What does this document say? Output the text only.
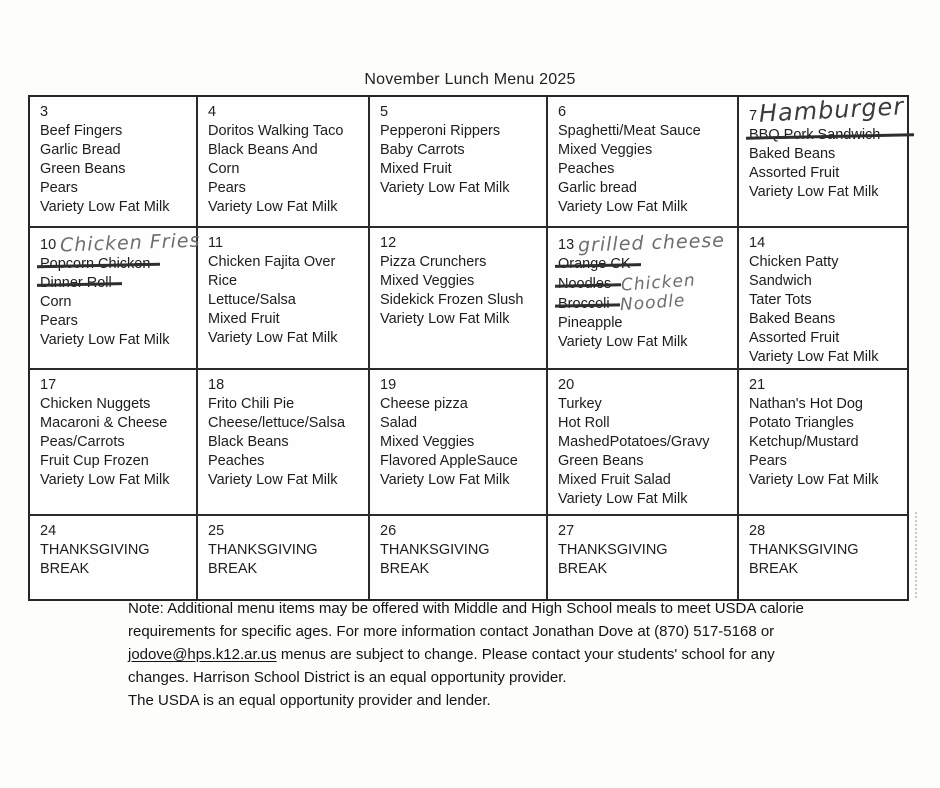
November Lunch Menu 2025
3
Beef Fingers
Garlic Bread
Green Beans
Pears
Variety Low Fat Milk
4
Doritos Walking Taco
Black Beans And
Corn
Pears
Variety Low Fat Milk
5
Pepperoni Rippers
Baby Carrots
Mixed Fruit
Variety Low Fat Milk
6
Spaghetti/Meat Sauce
Mixed Veggies
Peaches
Garlic bread
Variety Low Fat Milk
7Hamburger
BBQ Pork Sandwich
Baked Beans
Assorted Fruit
Variety Low Fat Milk
10 Chicken Fries
Popcorn Chicken
Dinner Roll
Corn
Pears
Variety Low Fat Milk
11
Chicken Fajita Over
Rice
Lettuce/Salsa
Mixed Fruit
Variety Low Fat Milk
12
Pizza Crunchers
Mixed Veggies
Sidekick Frozen Slush
Variety Low Fat Milk
13 grilled cheese
Orange CK
Noodles Chicken
Broccoli Noodle
Pineapple
Variety Low Fat Milk
14
Chicken Patty
Sandwich
Tater Tots
Baked Beans
Assorted Fruit
Variety Low Fat Milk
17
Chicken Nuggets
Macaroni & Cheese
Peas/Carrots
Fruit Cup Frozen
Variety Low Fat Milk
18
Frito Chili Pie
Cheese/lettuce/Salsa
Black Beans
Peaches
Variety Low Fat Milk
19
Cheese pizza
Salad
Mixed Veggies
Flavored AppleSauce
Variety Low Fat Milk
20
Turkey
Hot Roll
MashedPotatoes/Gravy
Green Beans
Mixed Fruit Salad
Variety Low Fat Milk
21
Nathan's Hot Dog
Potato Triangles
Ketchup/Mustard
Pears
Variety Low Fat Milk
24
THANKSGIVING
BREAK
25
THANKSGIVING
BREAK
26
THANKSGIVING
BREAK
27
THANKSGIVING
BREAK
28
THANKSGIVING
BREAK

Note: Additional menu items may be offered with Middle and High School meals to meet USDA calorie requirements for specific ages. For more information contact Jonathan Dove at (870) 517-5168 or jodove@hps.k12.ar.us menus are subject to change. Please contact your students' school for any changes. Harrison School District is an equal opportunity provider.

The USDA is an equal opportunity provider and lender.
